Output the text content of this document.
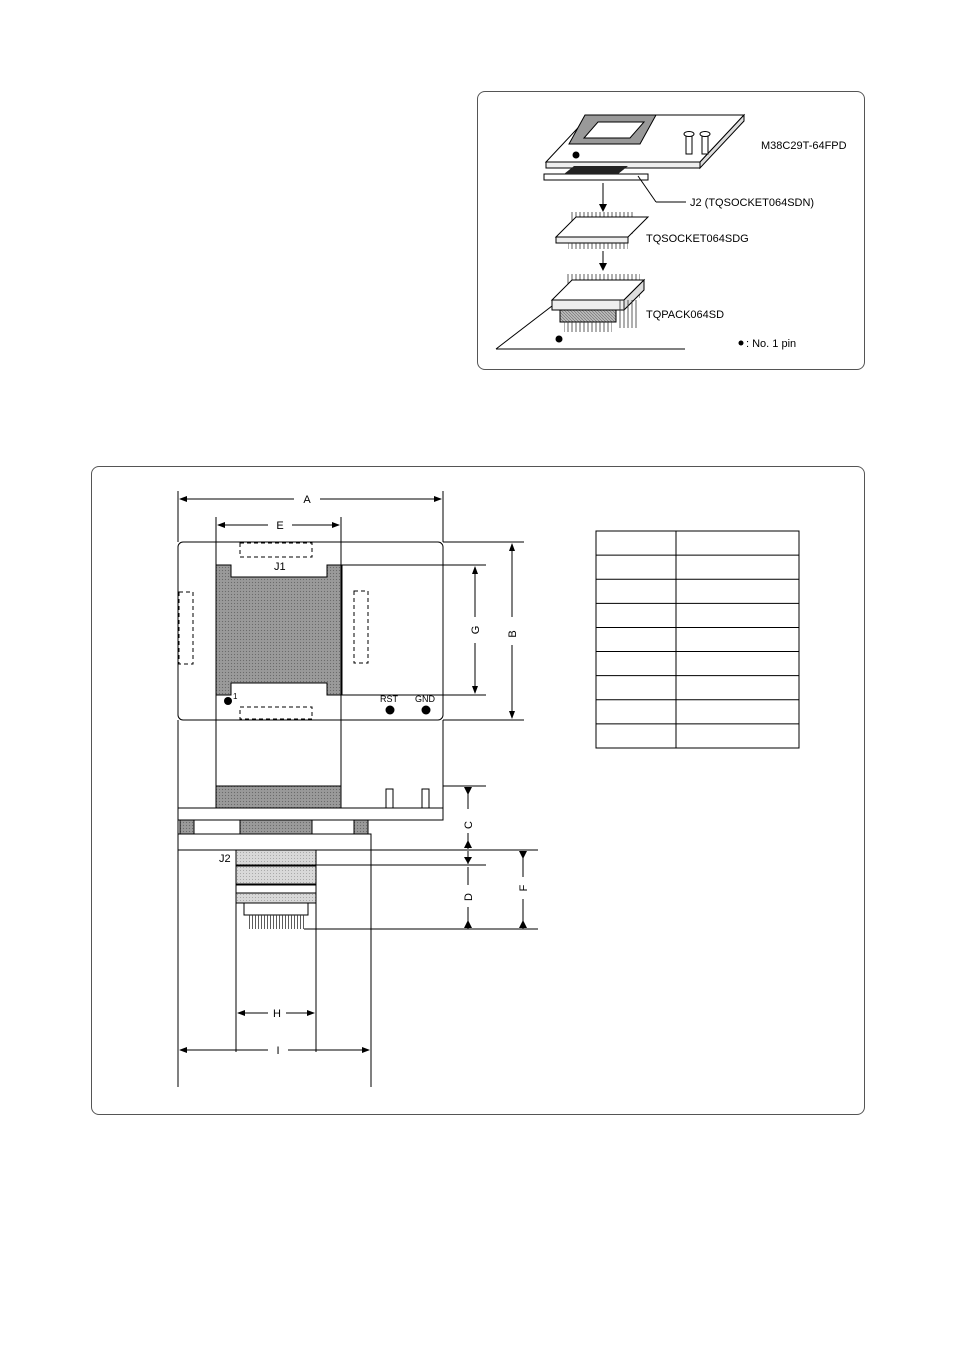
M38C29T-64FPD
J2 (TQSOCKET064SDN)
TQSOCKET064SDG
TQPACK064SD
: No. 1 pin
A
E
J1
1	RST GND
G B
J2
C
D
F
H
I
